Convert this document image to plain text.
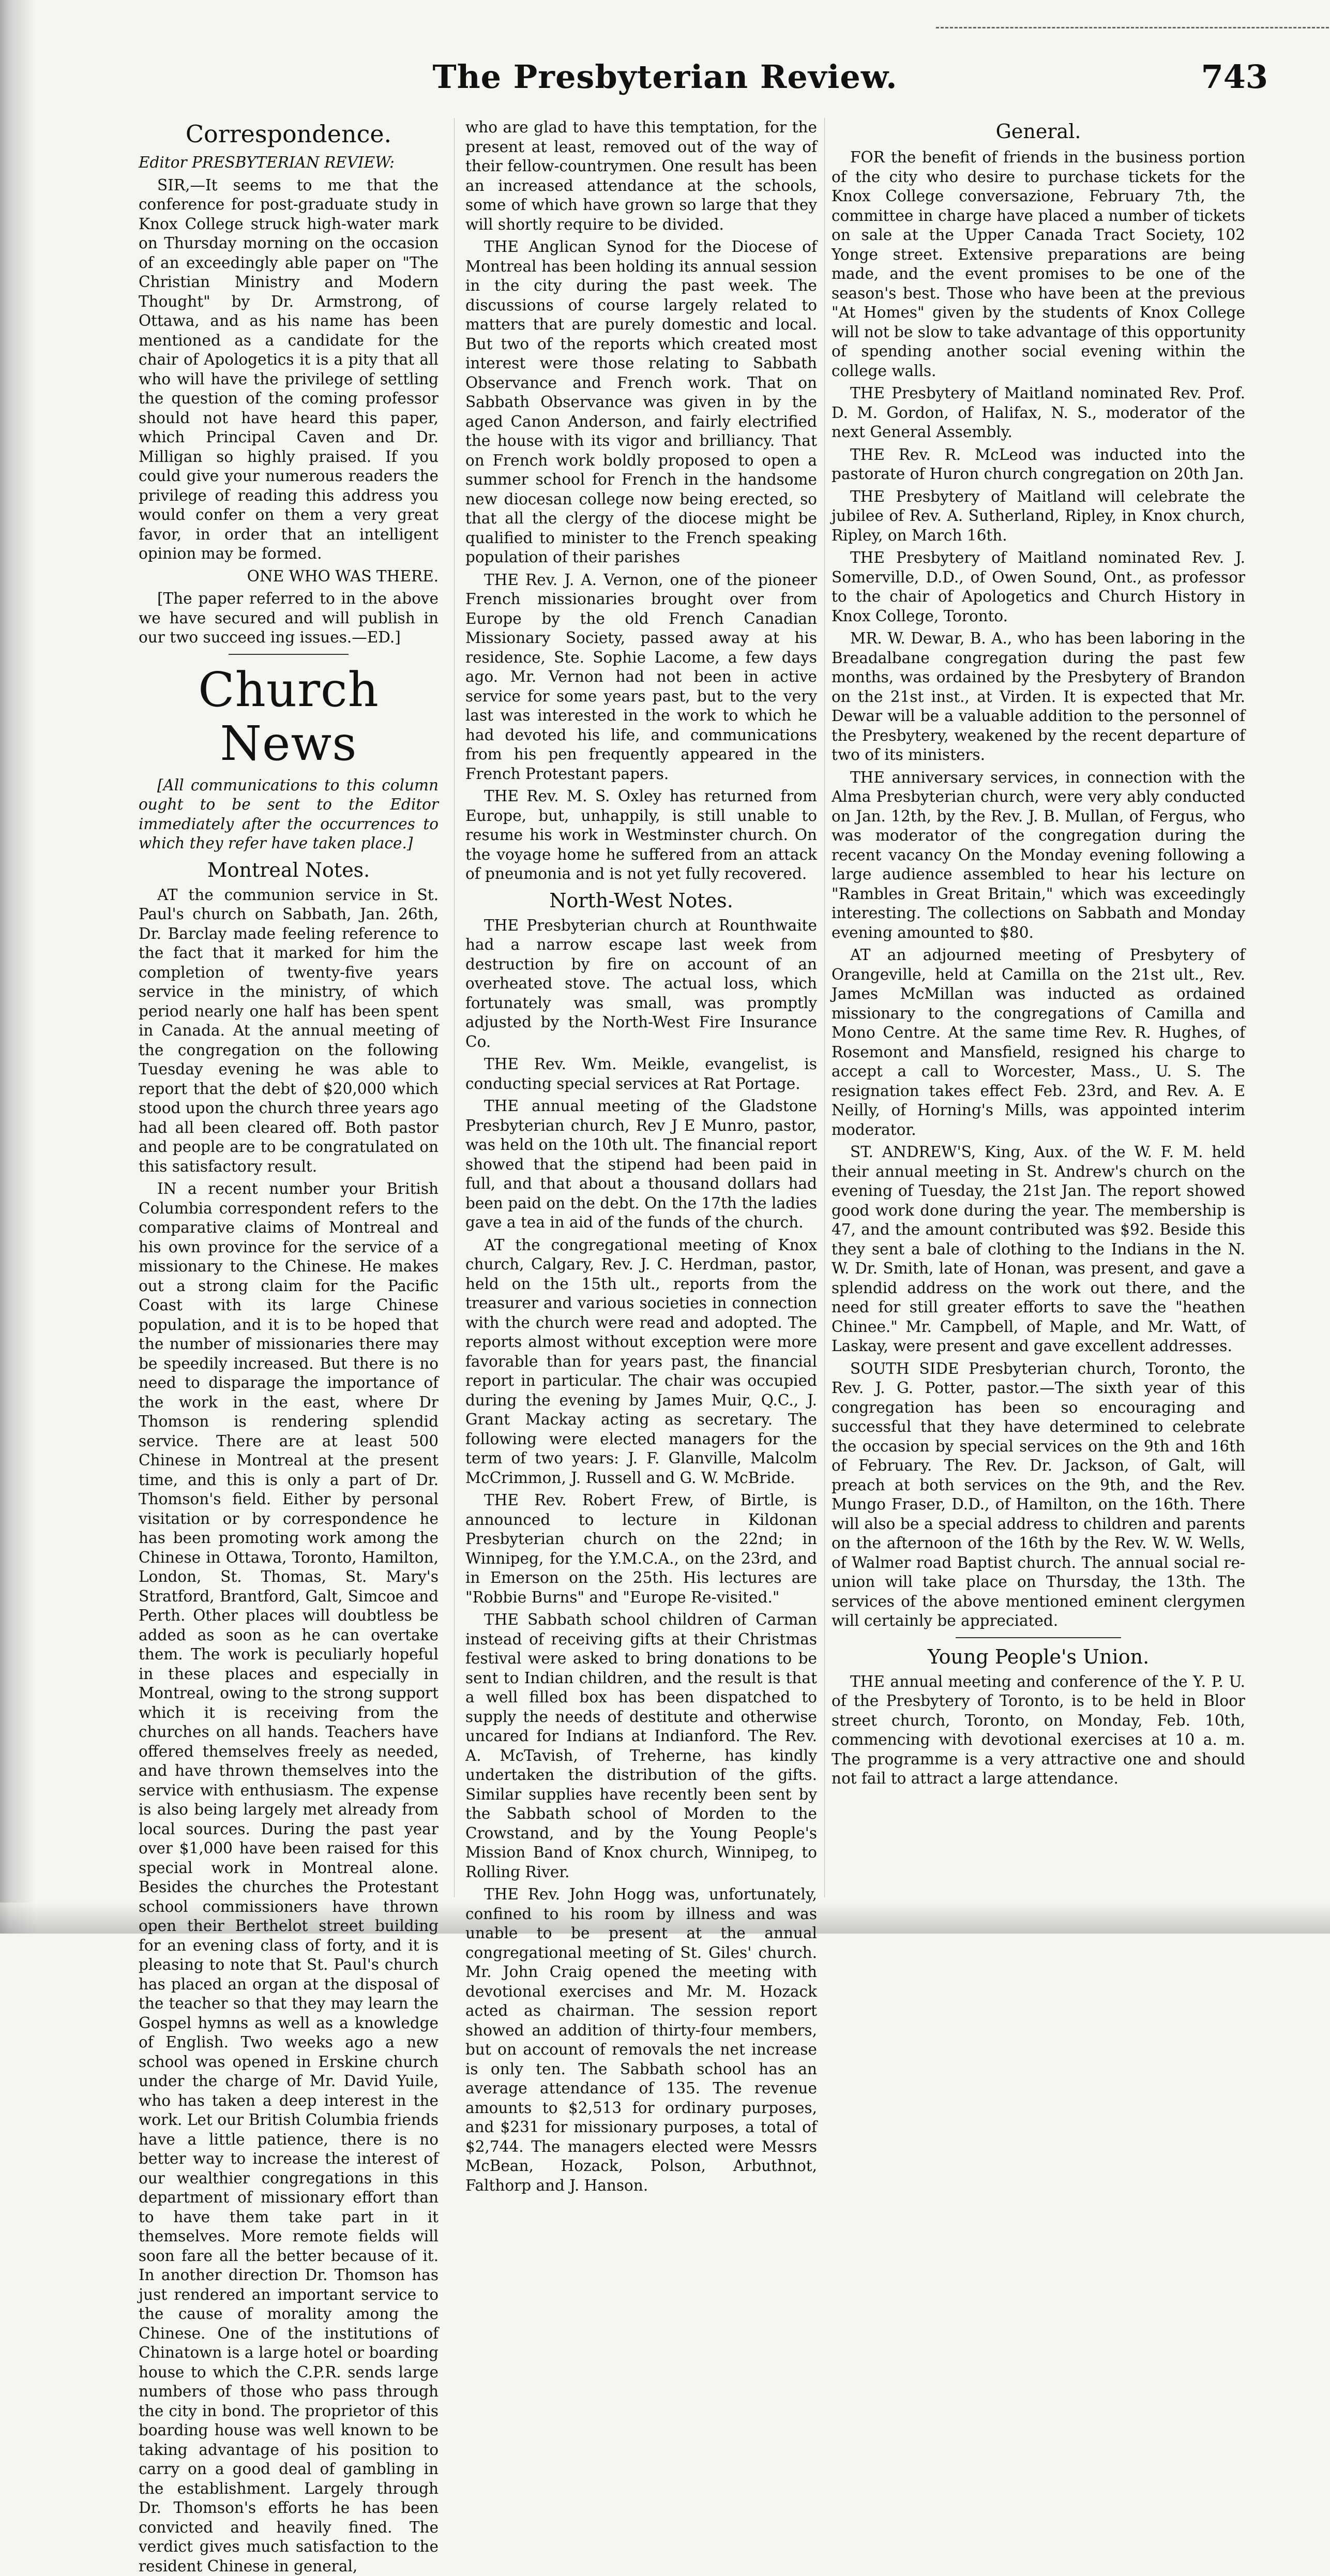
The Presbyterian Review.	743
Correspondence.

Editor PRESBYTERIAN REVIEW:

SIR,—It seems to me that the conference for post-graduate study in Knox College struck high-water mark on Thursday morning on the occasion of an exceedingly able paper on "The Christian Ministry and Modern Thought" by Dr. Armstrong, of Ottawa, and as his name has been mentioned as a candidate for the chair of Apologetics it is a pity that all who will have the privilege of settling the question of the coming professor should not have heard this paper, which Principal Caven and Dr. Milligan so highly praised. If you could give your numerous readers the privilege of reading this address you would confer on them a very great favor, in order that an intelligent opinion may be formed.

ONE WHO WAS THERE.

[The paper referred to in the above we have secured and will publish in our two succeed ing issues.—ED.]

Church News

[All communications to this column ought to be sent to the Editor immediately after the occurrences to which they refer have taken place.]

Montreal Notes.

AT the communion service in St. Paul's church on Sabbath, Jan. 26th, Dr. Barclay made feeling reference to the fact that it marked for him the completion of twenty-five years service in the ministry, of which period nearly one half has been spent in Canada. At the annual meeting of the congregation on the following Tuesday evening he was able to report that the debt of $20,000 which stood upon the church three years ago had all been cleared off. Both pastor and people are to be congratulated on this satisfactory result.

IN a recent number your British Columbia correspondent refers to the comparative claims of Montreal and his own province for the service of a missionary to the Chinese. He makes out a strong claim for the Pacific Coast with its large Chinese population, and it is to be hoped that the number of missionaries there may be speedily increased. But there is no need to disparage the importance of the work in the east, where Dr Thomson is rendering splendid service. There are at least 500 Chinese in Montreal at the present time, and this is only a part of Dr. Thomson's field. Either by personal visitation or by correspondence he has been promoting work among the Chinese in Ottawa, Toronto, Hamilton, London, St. Thomas, St. Mary's Stratford, Brantford, Galt, Simcoe and Perth. Other places will doubtless be added as soon as he can overtake them. The work is peculiarly hopeful in these places and especially in Montreal, owing to the strong support which it is receiving from the churches on all hands. Teachers have offered themselves freely as needed, and have thrown themselves into the service with enthusiasm. The expense is also being largely met already from local sources. During the past year over $1,000 have been raised for this special work in Montreal alone. Besides the churches the Protestant school commissioners have thrown open their Berthelot street building for an evening class of forty, and it is pleasing to note that St. Paul's church has placed an organ at the disposal of the teacher so that they may learn the Gospel hymns as well as a knowledge of English. Two weeks ago a new school was opened in Erskine church under the charge of Mr. David Yuile, who has taken a deep interest in the work. Let our British Columbia friends have a little patience, there is no better way to increase the interest of our wealthier congregations in this department of missionary effort than to have them take part in it themselves. More remote fields will soon fare all the better because of it. In another direction Dr. Thomson has just rendered an important service to the cause of morality among the Chinese. One of the institutions of Chinatown is a large hotel or boarding house to which the C.P.R. sends large numbers of those who pass through the city in bond. The proprietor of this boarding house was well known to be taking advantage of his position to carry on a good deal of gambling in the establishment. Largely through Dr. Thomson's efforts he has been convicted and heavily fined. The verdict gives much satisfaction to the resident Chinese in general,

who are glad to have this temptation, for the present at least, removed out of the way of their fellow-countrymen. One result has been an increased attendance at the schools, some of which have grown so large that they will shortly require to be divided.

THE Anglican Synod for the Diocese of Montreal has been holding its annual session in the city during the past week. The discussions of course largely related to matters that are purely domestic and local. But two of the reports which created most interest were those relating to Sabbath Observance and French work. That on Sabbath Observance was given in by the aged Canon Anderson, and fairly electrified the house with its vigor and brilliancy. That on French work boldly proposed to open a summer school for French in the handsome new diocesan college now being erected, so that all the clergy of the diocese might be qualified to minister to the French speaking population of their parishes

THE Rev. J. A. Vernon, one of the pioneer French missionaries brought over from Europe by the old French Canadian Missionary Society, passed away at his residence, Ste. Sophie Lacome, a few days ago. Mr. Vernon had not been in active service for some years past, but to the very last was interested in the work to which he had devoted his life, and communications from his pen frequently appeared in the French Protestant papers.

THE Rev. M. S. Oxley has returned from Europe, but, unhappily, is still unable to resume his work in Westminster church. On the voyage home he suffered from an attack of pneumonia and is not yet fully recovered.

North-West Notes.

THE Presbyterian church at Rounthwaite had a narrow escape last week from destruction by fire on account of an overheated stove. The actual loss, which fortunately was small, was promptly adjusted by the North-West Fire Insurance Co.

THE Rev. Wm. Meikle, evangelist, is conducting special services at Rat Portage.

THE annual meeting of the Gladstone Presbyterian church, Rev J E Munro, pastor, was held on the 10th ult. The financial report showed that the stipend had been paid in full, and that about a thousand dollars had been paid on the debt. On the 17th the ladies gave a tea in aid of the funds of the church.

AT the congregational meeting of Knox church, Calgary, Rev. J. C. Herdman, pastor, held on the 15th ult., reports from the treasurer and various societies in connection with the church were read and adopted. The reports almost without exception were more favorable than for years past, the financial report in particular. The chair was occupied during the evening by James Muir, Q.C., J. Grant Mackay acting as secretary. The following were elected managers for the term of two years: J. F. Glanville, Malcolm McCrimmon, J. Russell and G. W. McBride.

THE Rev. Robert Frew, of Birtle, is announced to lecture in Kildonan Presbyterian church on the 22nd; in Winnipeg, for the Y.M.C.A., on the 23rd, and in Emerson on the 25th. His lectures are "Robbie Burns" and "Europe Re-visited."

THE Sabbath school children of Carman instead of receiving gifts at their Christmas festival were asked to bring donations to be sent to Indian children, and the result is that a well filled box has been dispatched to supply the needs of destitute and otherwise uncared for Indians at Indianford. The Rev. A. McTavish, of Treherne, has kindly undertaken the distribution of the gifts. Similar supplies have recently been sent by the Sabbath school of Morden to the Crowstand, and by the Young People's Mission Band of Knox church, Winnipeg, to Rolling River.

THE Rev. John Hogg was, unfortunately, confined to his room by illness and was unable to be present at the annual congregational meeting of St. Giles' church. Mr. John Craig opened the meeting with devotional exercises and Mr. M. Hozack acted as chairman. The session report showed an addition of thirty-four members, but on account of removals the net increase is only ten. The Sabbath school has an average attendance of 135. The revenue amounts to $2,513 for ordinary purposes, and $231 for missionary purposes, a total of $2,744. The managers elected were Messrs McBean, Hozack, Polson, Arbuthnot, Falthorp and J. Hanson.

General.

FOR the benefit of friends in the business portion of the city who desire to purchase tickets for the Knox College conversazione, February 7th, the committee in charge have placed a number of tickets on sale at the Upper Canada Tract Society, 102 Yonge street. Extensive preparations are being made, and the event promises to be one of the season's best. Those who have been at the previous "At Homes" given by the students of Knox College will not be slow to take advantage of this opportunity of spending another social evening within the college walls.

THE Presbytery of Maitland nominated Rev. Prof. D. M. Gordon, of Halifax, N. S., moderator of the next General Assembly.

THE Rev. R. McLeod was inducted into the pastorate of Huron church congregation on 20th Jan.

THE Presbytery of Maitland will celebrate the jubilee of Rev. A. Sutherland, Ripley, in Knox church, Ripley, on March 16th.

THE Presbytery of Maitland nominated Rev. J. Somerville, D.D., of Owen Sound, Ont., as professor to the chair of Apologetics and Church History in Knox College, Toronto.

MR. W. Dewar, B. A., who has been laboring in the Breadalbane congregation during the past few months, was ordained by the Presbytery of Brandon on the 21st inst., at Virden. It is expected that Mr. Dewar will be a valuable addition to the personnel of the Presbytery, weakened by the recent departure of two of its ministers.

THE anniversary services, in connection with the Alma Presbyterian church, were very ably conducted on Jan. 12th, by the Rev. J. B. Mullan, of Fergus, who was moderator of the congregation during the recent vacancy On the Monday evening following a large audience assembled to hear his lecture on "Rambles in Great Britain," which was exceedingly interesting. The collections on Sabbath and Monday evening amounted to $80.

AT an adjourned meeting of Presbytery of Orangeville, held at Camilla on the 21st ult., Rev. James McMillan was inducted as ordained missionary to the congregations of Camilla and Mono Centre. At the same time Rev. R. Hughes, of Rosemont and Mansfield, resigned his charge to accept a call to Worcester, Mass., U. S. The resignation takes effect Feb. 23rd, and Rev. A. E Neilly, of Horning's Mills, was appointed interim moderator.

ST. ANDREW'S, King, Aux. of the W. F. M. held their annual meeting in St. Andrew's church on the evening of Tuesday, the 21st Jan. The report showed good work done during the year. The membership is 47, and the amount contributed was $92. Beside this they sent a bale of clothing to the Indians in the N. W. Dr. Smith, late of Honan, was present, and gave a splendid address on the work out there, and the need for still greater efforts to save the "heathen Chinee." Mr. Campbell, of Maple, and Mr. Watt, of Laskay, were present and gave excellent addresses.

SOUTH SIDE Presbyterian church, Toronto, the Rev. J. G. Potter, pastor.—The sixth year of this congregation has been so encouraging and successful that they have determined to celebrate the occasion by special services on the 9th and 16th of February. The Rev. Dr. Jackson, of Galt, will preach at both services on the 9th, and the Rev. Mungo Fraser, D.D., of Hamilton, on the 16th. There will also be a special address to children and parents on the afternoon of the 16th by the Rev. W. W. Wells, of Walmer road Baptist church. The annual social re-union will take place on Thursday, the 13th. The services of the above mentioned eminent clergymen will certainly be appreciated.

Young People's Union.

THE annual meeting and conference of the Y. P. U. of the Presbytery of Toronto, is to be held in Bloor street church, Toronto, on Monday, Feb. 10th, commencing with devotional exercises at 10 a. m. The programme is a very attractive one and should not fail to attract a large attendance.
